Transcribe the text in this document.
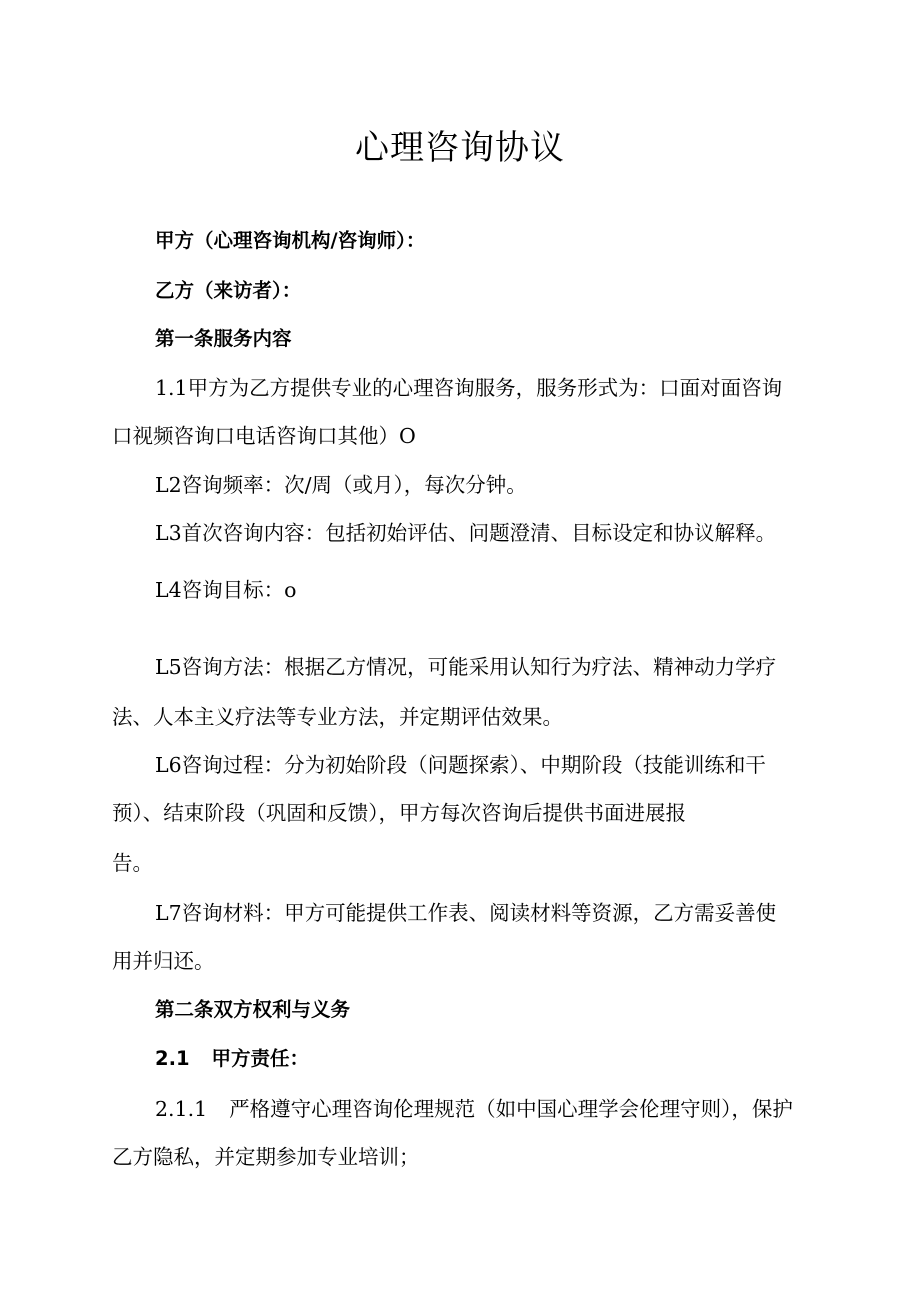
心理咨询协议
甲方（心理咨询机构/咨询师）：
乙方（来访者）：
第一条服务内容
1.1甲方为乙方提供专业的心理咨询服务，服务形式为：口面对面咨询
口视频咨询口电话咨询口其他）O
L2咨询频率：次/周（或月），每次分钟。
L3首次咨询内容：包括初始评估、问题澄清、目标设定和协议解释。
L4咨询目标：o
L5咨询方法：根据乙方情况，可能采用认知行为疗法、精神动力学疗
法、人本主义疗法等专业方法，并定期评估效果。
L6咨询过程：分为初始阶段（问题探索）、中期阶段（技能训练和干
预）、结束阶段（巩固和反馈），甲方每次咨询后提供书面进展报
告。
L7咨询材料：甲方可能提供工作表、阅读材料等资源，乙方需妥善使
用并归还。
第二条双方权利与义务
2.1 甲方责任：
2.1.1 严格遵守心理咨询伦理规范（如中国心理学会伦理守则），保护
乙方隐私，并定期参加专业培训；
